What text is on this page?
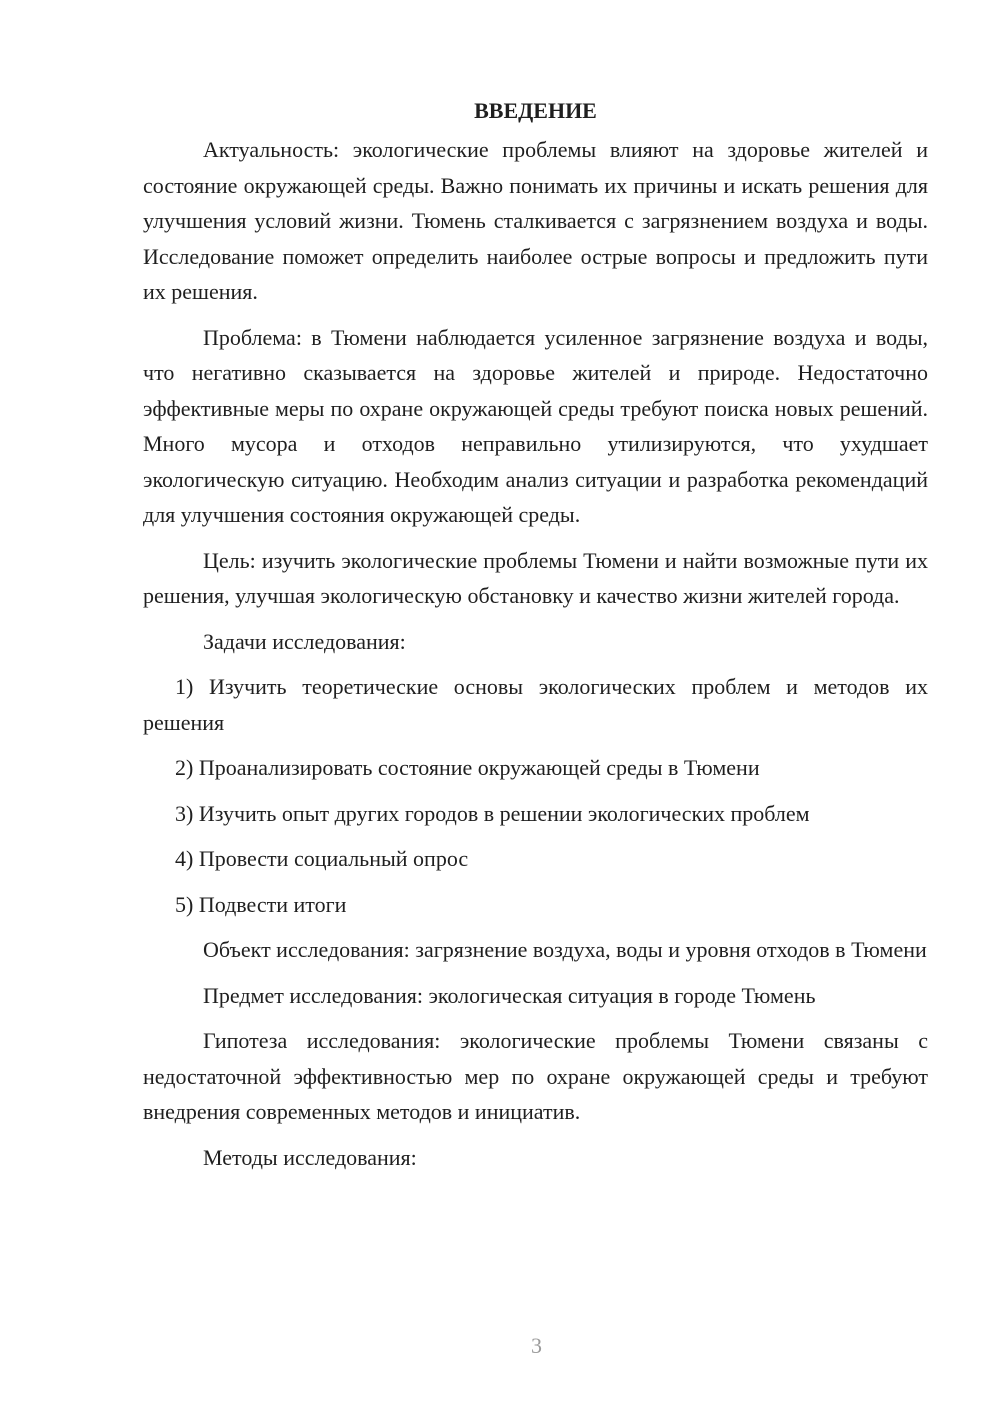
ВВЕДЕНИЕ

Актуальность: экологические проблемы влияют на здоровье жителей и состояние окружающей среды. Важно понимать их причины и искать решения для улучшения условий жизни. Тюмень сталкивается с загрязнением воздуха и воды. Исследование поможет определить наиболее острые вопросы и предложить пути их решения.

Проблема: в Тюмени наблюдается усиленное загрязнение воздуха и воды, что негативно сказывается на здоровье жителей и природе. Недостаточно эффективные меры по охране окружающей среды требуют поиска новых решений. Много мусора и отходов неправильно утилизируются, что ухудшает экологическую ситуацию. Необходим анализ ситуации и разработка рекомендаций для улучшения состояния окружающей среды.

Цель: изучить экологические проблемы Тюмени и найти возможные пути их решения, улучшая экологическую обстановку и качество жизни жителей города.

Задачи исследования:

1) Изучить теоретические основы экологических проблем и методов их решения

2) Проанализировать состояние окружающей среды в Тюмени

3) Изучить опыт других городов в решении экологических проблем

4) Провести социальный опрос

5) Подвести итоги

Объект исследования: загрязнение воздуха, воды и уровня отходов в Тюмени

Предмет исследования: экологическая ситуация в городе Тюмень

Гипотеза исследования: экологические проблемы Тюмени связаны с недостаточной эффективностью мер по охране окружающей среды и требуют внедрения современных методов и инициатив.

Методы исследования:

3
